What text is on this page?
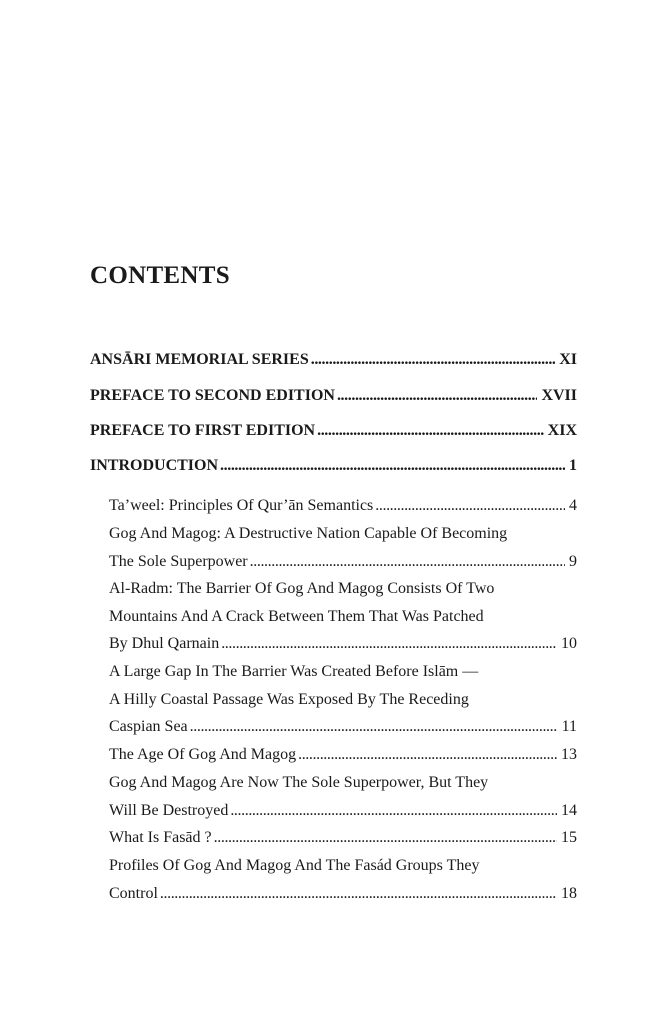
CONTENTS
ANSĀRI MEMORIAL SERIES . . .	XI
PREFACE TO SECOND EDITION . . .	XVII
PREFACE TO FIRST EDITION . . .	XIX
INTRODUCTION . . .	1
Ta’weel: Principles Of Qur’ān Semantics . . .	4
Gog And Magog: A Destructive Nation Capable Of Becoming
The Sole Superpower . . .	9
Al-Radm: The Barrier Of Gog And Magog Consists Of Two
Mountains And A Crack Between Them That Was Patched
By Dhul Qarnain . . .	10
A Large Gap In The Barrier Was Created Before Islām —
A Hilly Coastal Passage Was Exposed By The Receding
Caspian Sea . . .	11
The Age Of Gog And Magog . . .	13
Gog And Magog Are Now The Sole Superpower, But They
Will Be Destroyed . . .	14
What Is Fasād ? . . .	15
Profiles Of Gog And Magog And The Fasád Groups They
Control . . .	18
